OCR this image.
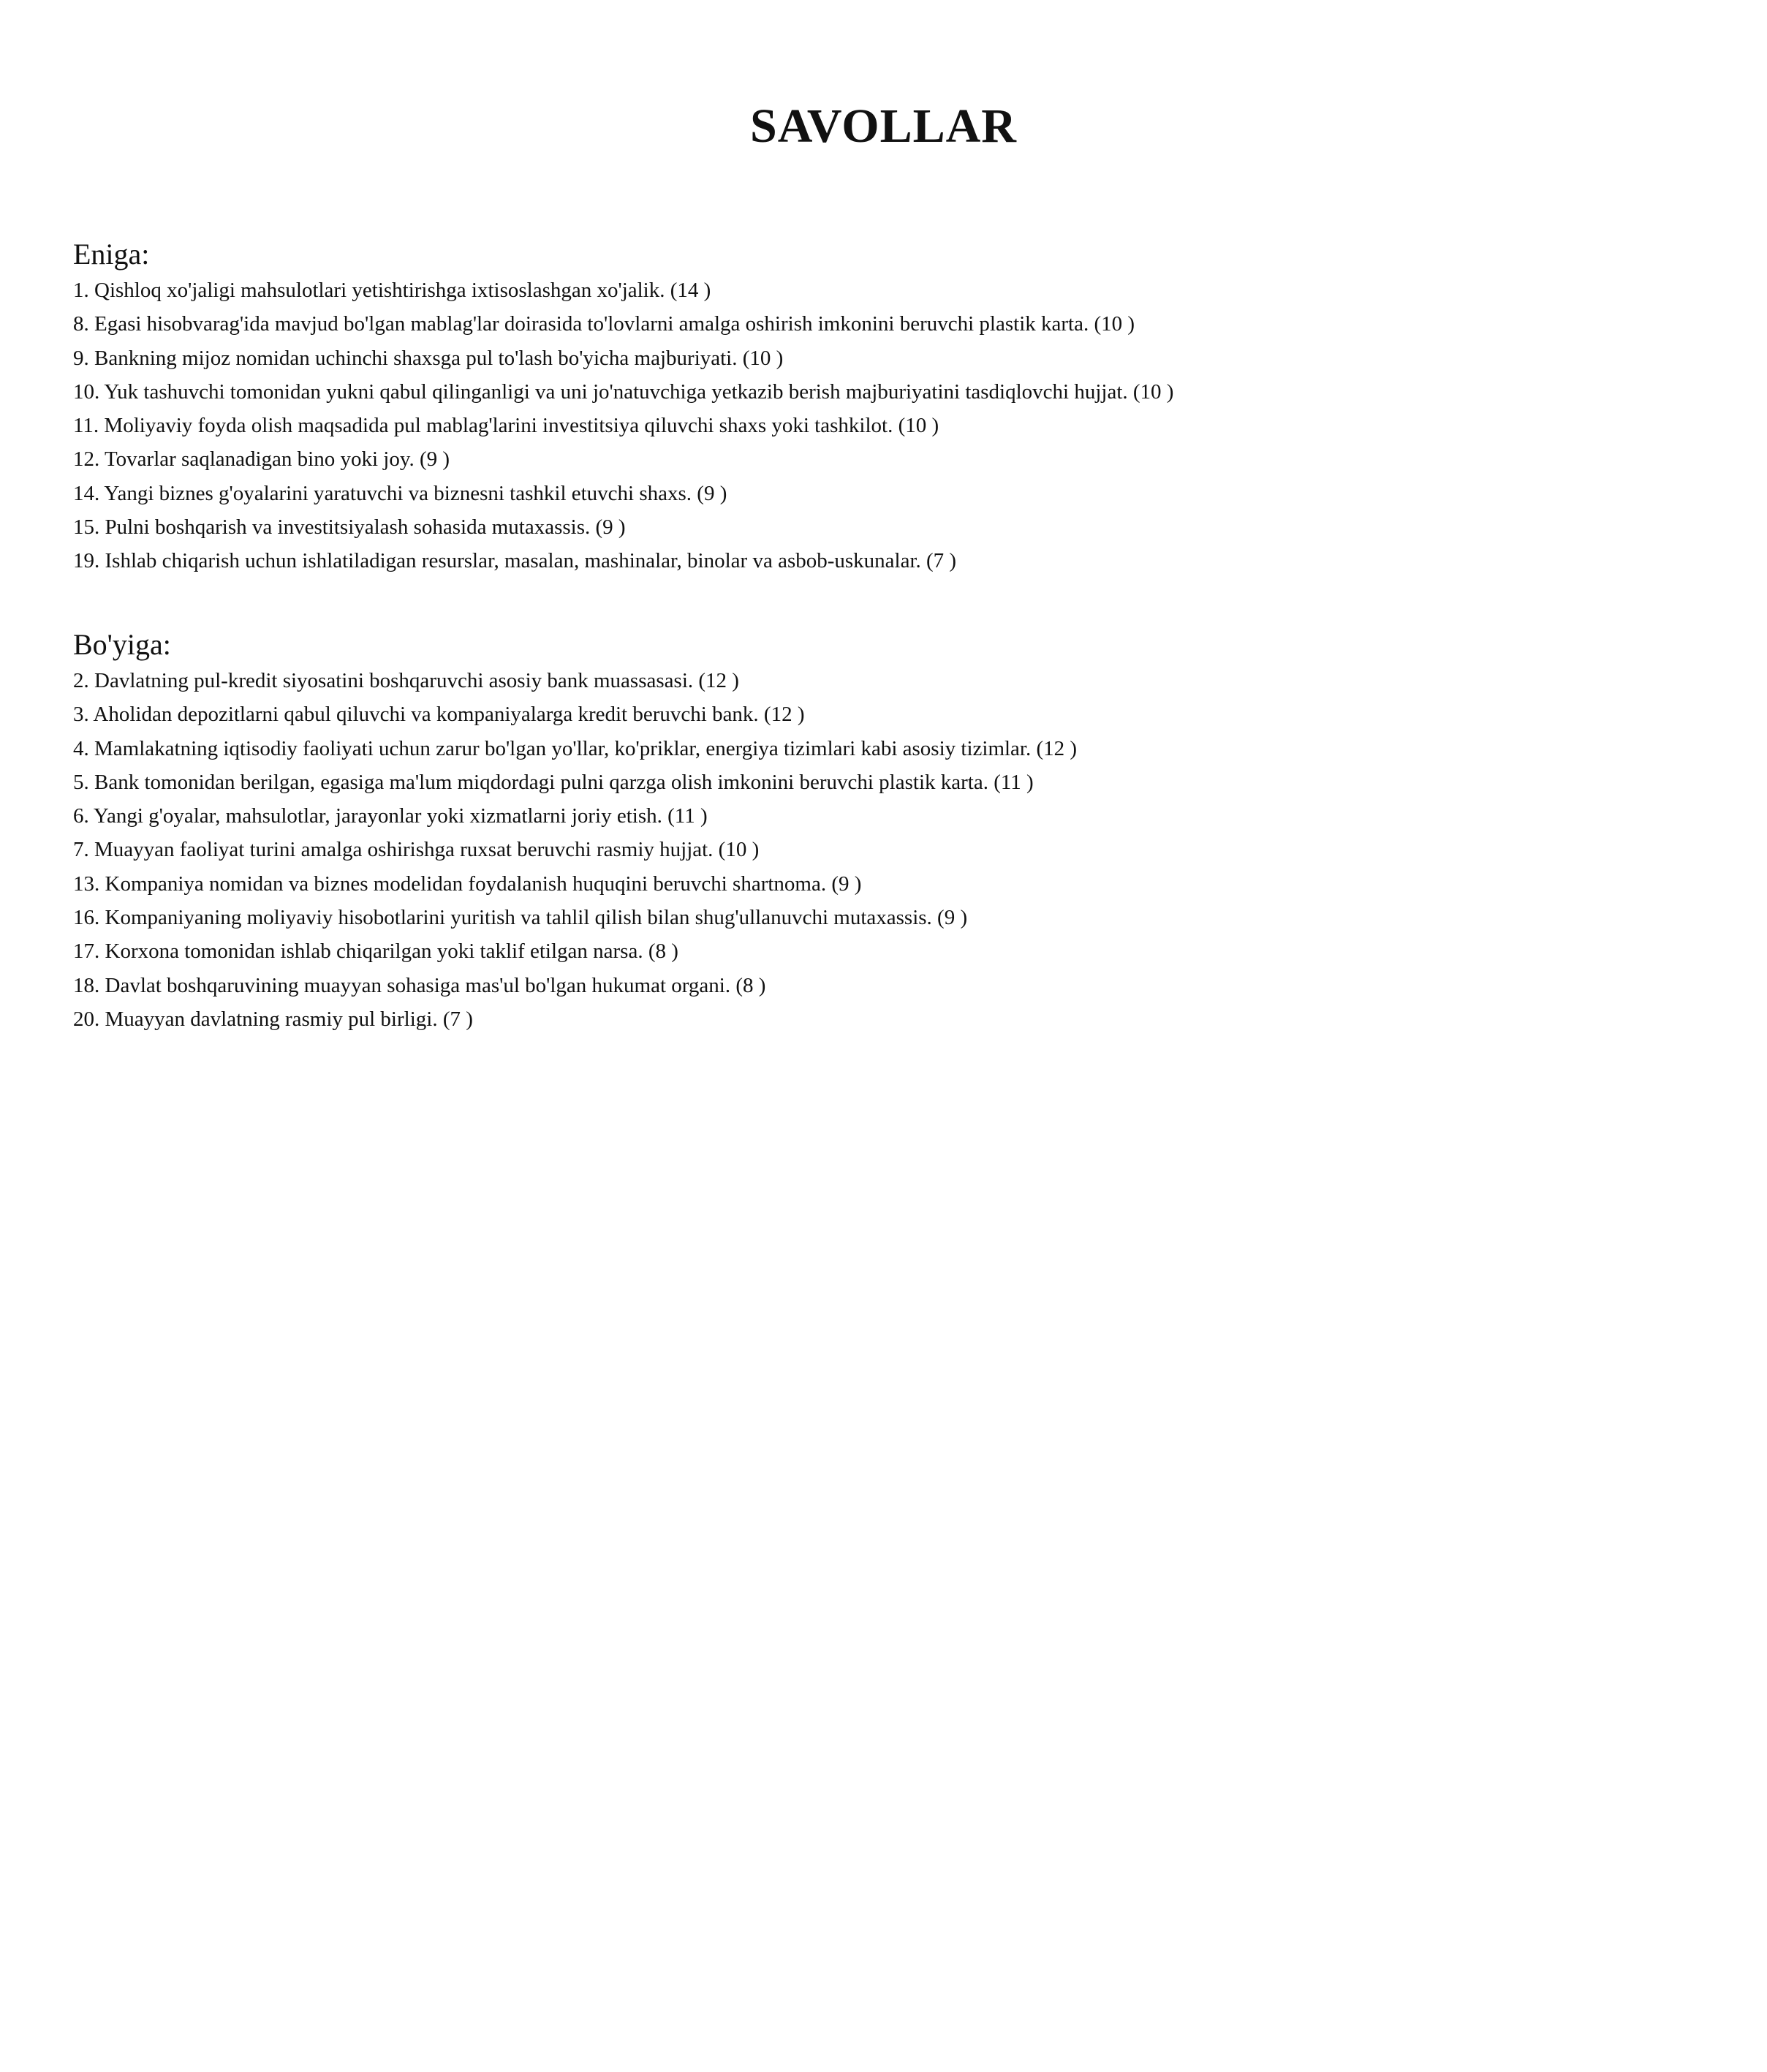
SAVOLLAR
Eniga:
1. Qishloq xo'jaligi mahsulotlari yetishtirishga ixtisoslashgan xo'jalik. (14 )
8. Egasi hisobvarag'ida mavjud bo'lgan mablag'lar doirasida to'lovlarni amalga oshirish imkonini beruvchi plastik karta. (10 )
9. Bankning mijoz nomidan uchinchi shaxsga pul to'lash bo'yicha majburiyati. (10 )
10. Yuk tashuvchi tomonidan yukni qabul qilinganligi va uni jo'natuvchiga yetkazib berish majburiyatini tasdiqlovchi hujjat. (10 )
11. Moliyaviy foyda olish maqsadida pul mablag'larini investitsiya qiluvchi shaxs yoki tashkilot. (10 )
12. Tovarlar saqlanadigan bino yoki joy. (9 )
14. Yangi biznes g'oyalarini yaratuvchi va biznesni tashkil etuvchi shaxs. (9 )
15. Pulni boshqarish va investitsiyalash sohasida mutaxassis. (9 )
19. Ishlab chiqarish uchun ishlatiladigan resurslar, masalan, mashinalar, binolar va asbob-uskunalar. (7 )
Bo'yiga:
2. Davlatning pul-kredit siyosatini boshqaruvchi asosiy bank muassasasi. (12 )
3. Aholidan depozitlarni qabul qiluvchi va kompaniyalarga kredit beruvchi bank. (12 )
4. Mamlakatning iqtisodiy faoliyati uchun zarur bo'lgan yo'llar, ko'priklar, energiya tizimlari kabi asosiy tizimlar. (12 )
5. Bank tomonidan berilgan, egasiga ma'lum miqdordagi pulni qarzga olish imkonini beruvchi plastik karta. (11 )
6. Yangi g'oyalar, mahsulotlar, jarayonlar yoki xizmatlarni joriy etish. (11 )
7. Muayyan faoliyat turini amalga oshirishga ruxsat beruvchi rasmiy hujjat. (10 )
13. Kompaniya nomidan va biznes modelidan foydalanish huquqini beruvchi shartnoma. (9 )
16. Kompaniyaning moliyaviy hisobotlarini yuritish va tahlil qilish bilan shug'ullanuvchi mutaxassis. (9 )
17. Korxona tomonidan ishlab chiqarilgan yoki taklif etilgan narsa. (8 )
18. Davlat boshqaruvining muayyan sohasiga mas'ul bo'lgan hukumat organi. (8 )
20. Muayyan davlatning rasmiy pul birligi. (7 )
